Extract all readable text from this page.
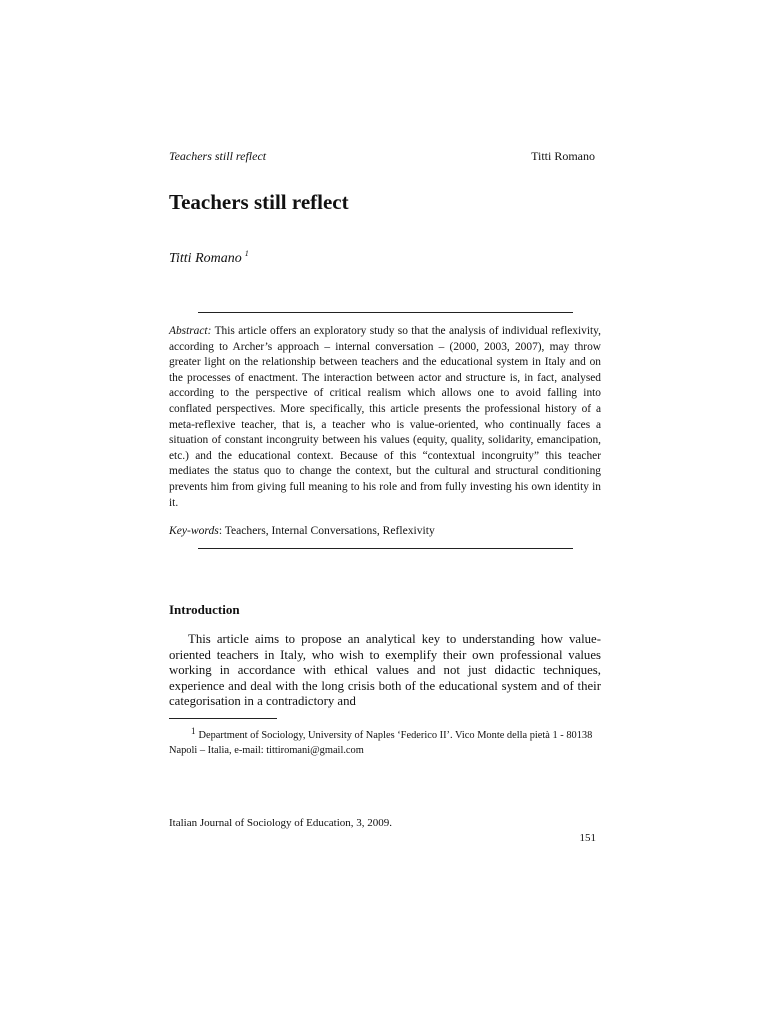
Teachers still reflect	Titti Romano
Teachers still reflect
Titti Romano $^1$

Abstract: This article offers an exploratory study so that the analysis of individual reflexivity, according to Archer’s approach – internal conversation – (2000, 2003, 2007), may throw greater light on the relationship between teachers and the educational system in Italy and on the processes of enactment. The interaction between actor and structure is, in fact, analysed according to the perspective of critical realism which allows one to avoid falling into conflated perspectives. More specifically, this article presents the professional history of a meta-reflexive teacher, that is, a teacher who is value-oriented, who continually faces a situation of constant incongruity between his values (equity, quality, solidarity, emancipation, etc.) and the educational context. Because of this “contextual incongruity” this teacher mediates the status quo to change the context, but the cultural and structural conditioning prevents him from giving full meaning to his role and from fully investing his own identity in it.

Key-words: Teachers, Internal Conversations, Reflexivity
Introduction

This article aims to propose an analytical key to understanding how value-oriented teachers in Italy, who wish to exemplify their own professional values working in accordance with ethical values and not just didactic techniques, experience and deal with the long crisis both of the educational system and of their categorisation in a contradictory and

$^1$ Department of Sociology, University of Naples ‘Federico II’. Vico Monte della pietà 1 - 80138 Napoli – Italia, e-mail: tittiromani@gmail.com

Italian Journal of Sociology of Education, 3, 2009.
151
